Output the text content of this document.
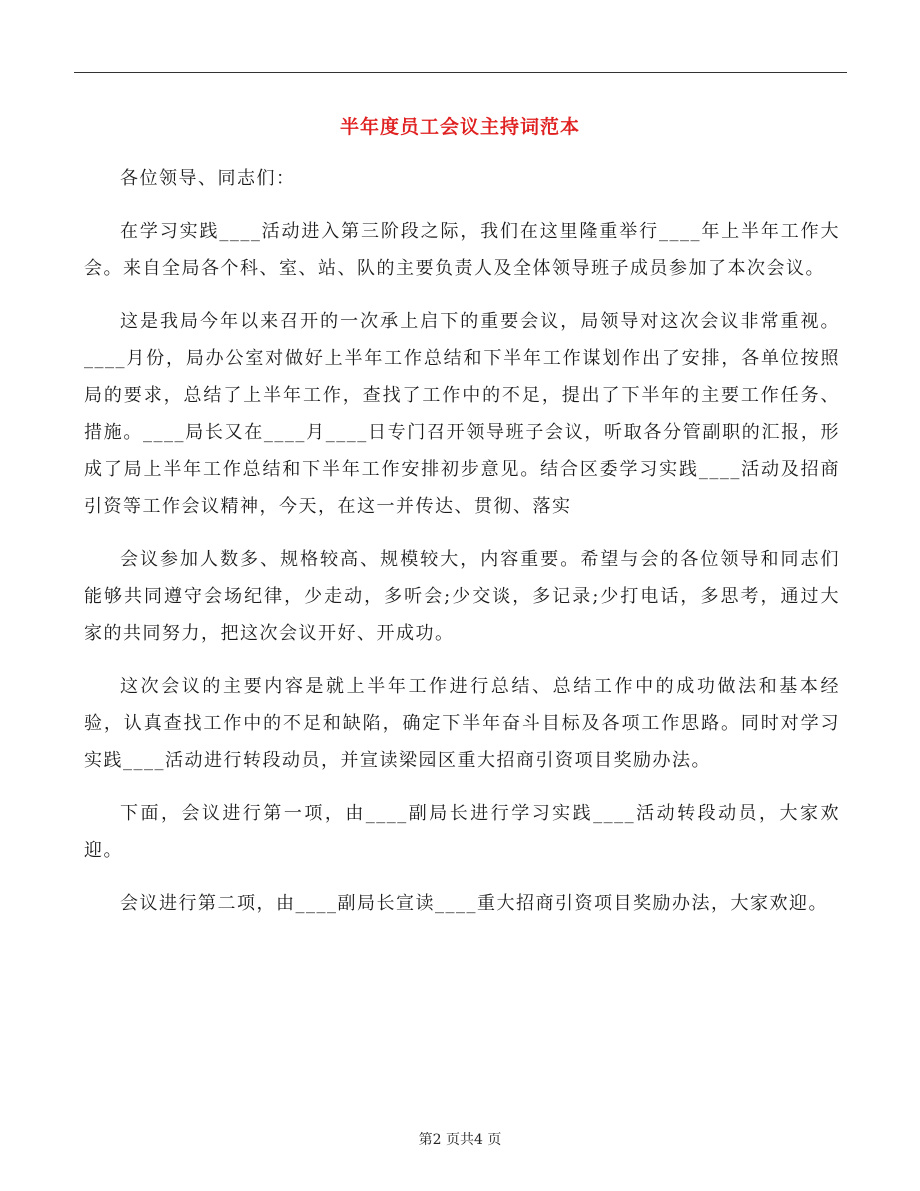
半年度员工会议主持词范本

各位领导、同志们：

在学习实践____活动进入第三阶段之际，我们在这里隆重举行____年上半年工作大会。来自全局各个科、室、站、队的主要负责人及全体领导班子成员参加了本次会议。

这是我局今年以来召开的一次承上启下的重要会议，局领导对这次会议非常重视。____月份，局办公室对做好上半年工作总结和下半年工作谋划作出了安排，各单位按照局的要求，总结了上半年工作，查找了工作中的不足，提出了下半年的主要工作任务、措施。____局长又在____月____日专门召开领导班子会议，听取各分管副职的汇报，形成了局上半年工作总结和下半年工作安排初步意见。结合区委学习实践____活动及招商引资等工作会议精神，今天，在这一并传达、贯彻、落实

会议参加人数多、规格较高、规模较大，内容重要。希望与会的各位领导和同志们能够共同遵守会场纪律，少走动，多听会;少交谈，多记录;少打电话，多思考，通过大家的共同努力，把这次会议开好、开成功。

这次会议的主要内容是就上半年工作进行总结、总结工作中的成功做法和基本经验，认真查找工作中的不足和缺陷，确定下半年奋斗目标及各项工作思路。同时对学习实践____活动进行转段动员，并宣读梁园区重大招商引资项目奖励办法。

下面，会议进行第一项，由____副局长进行学习实践____活动转段动员，大家欢迎。

会议进行第二项，由____副局长宣读____重大招商引资项目奖励办法，大家欢迎。

第2 页共4 页
